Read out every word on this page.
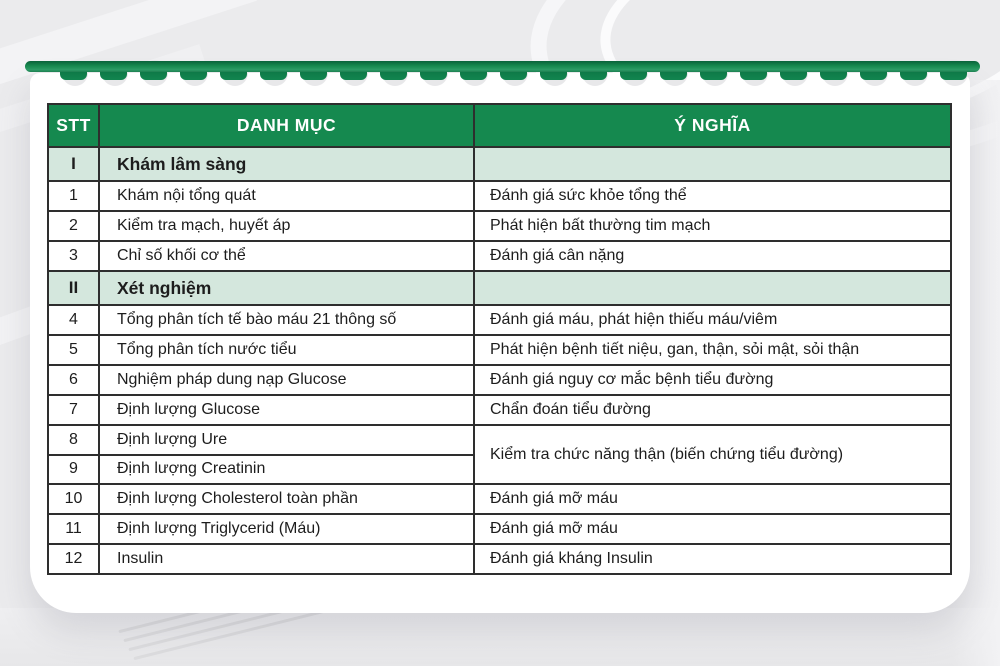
STT	DANH MỤC	Ý NGHĨA
I	Khám lâm sàng	
1	Khám nội tổng quát	Đánh giá sức khỏe tổng thể
2	Kiểm tra mạch, huyết áp	Phát hiện bất thường tim mạch
3	Chỉ số khối cơ thể	Đánh giá cân nặng
II	Xét nghiệm	
4	Tổng phân tích tế bào máu 21 thông số	Đánh giá máu, phát hiện thiếu máu/viêm
5	Tổng phân tích nước tiểu	Phát hiện bệnh tiết niệu, gan, thận, sỏi mật, sỏi thận
6	Nghiệm pháp dung nạp Glucose	Đánh giá nguy cơ mắc bệnh tiểu đường
7	Định lượng Glucose	Chẩn đoán tiểu đường
8	Định lượng Ure	Kiểm tra chức năng thận (biến chứng tiểu đường)
9	Định lượng Creatinin	
10	Định lượng Cholesterol toàn phần	Đánh giá mỡ máu
11	Định lượng Triglycerid (Máu)	Đánh giá mỡ máu
12	Insulin	Đánh giá kháng Insulin
